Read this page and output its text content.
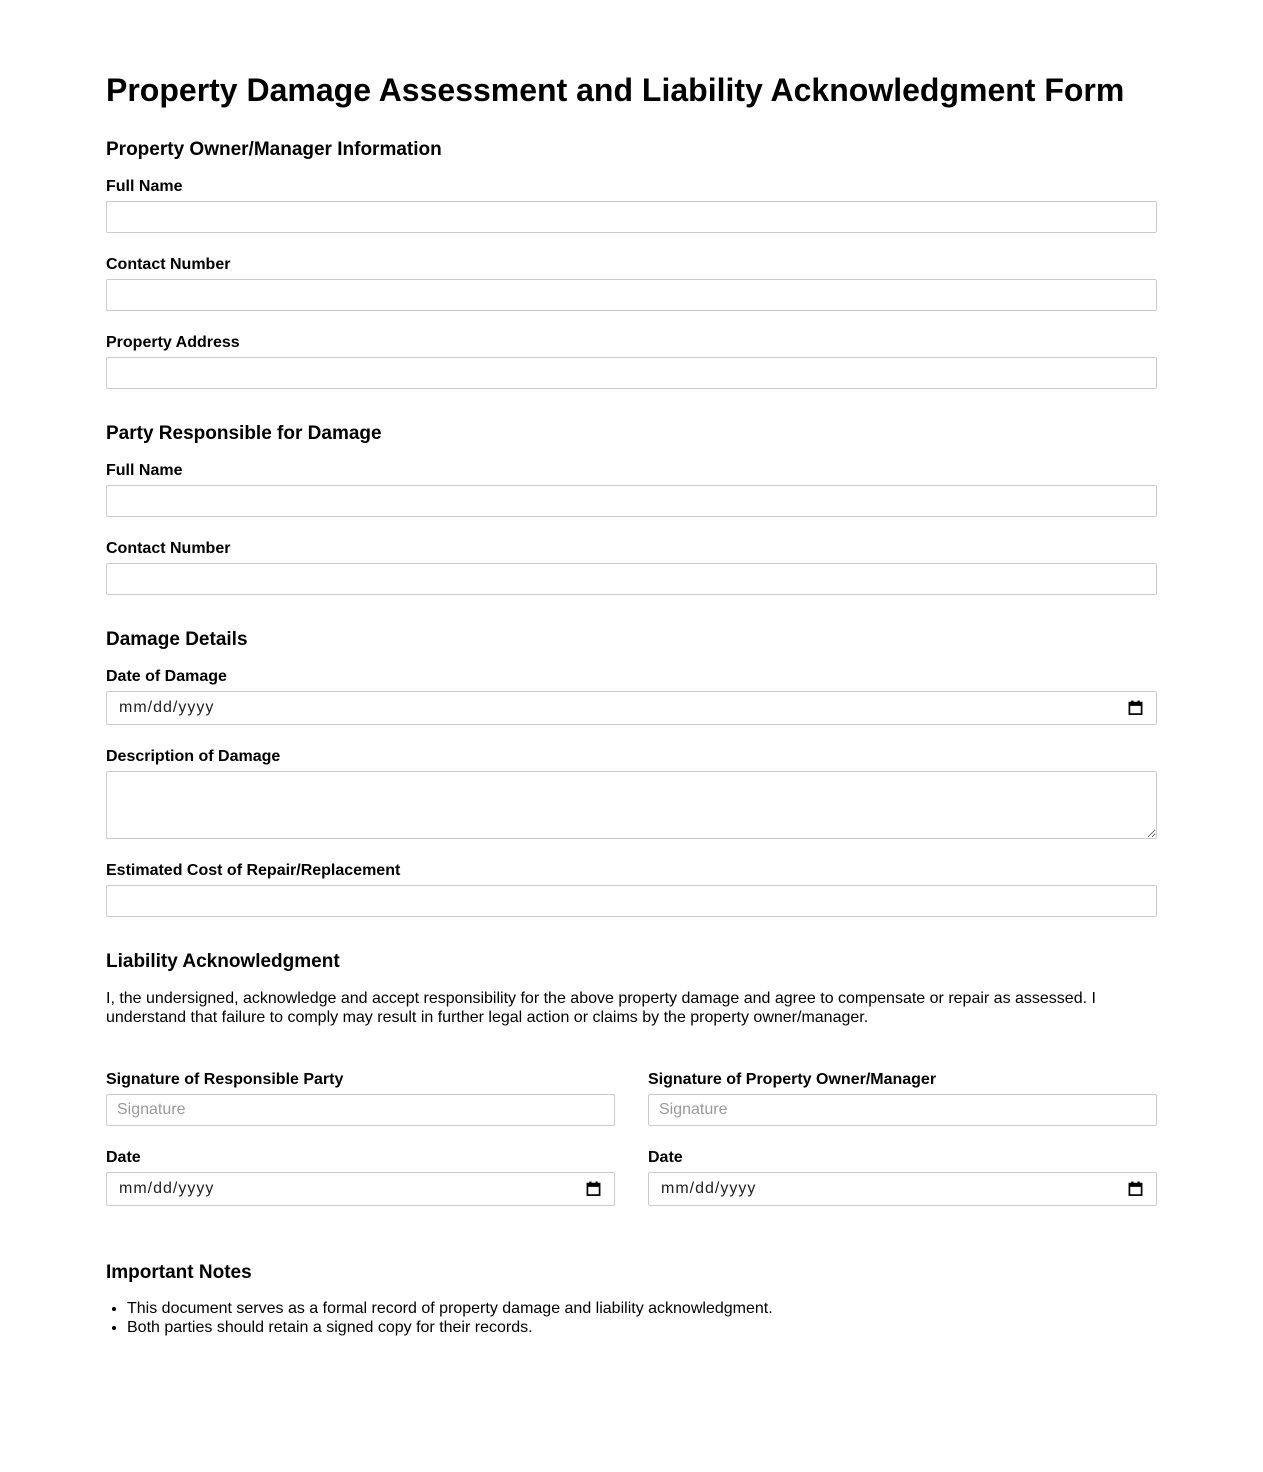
Property Damage Assessment and Liability Acknowledgment Form
Property Owner/Manager Information
Full Name
Contact Number
Property Address
Party Responsible for Damage
Full Name
Contact Number
Damage Details
Date of Damage
mm/dd/yyyy
Description of Damage
Estimated Cost of Repair/Replacement
Liability Acknowledgment

I, the undersigned, acknowledge and accept responsibility for the above property damage and agree to compensate or repair as assessed. I understand that failure to comply may result in further legal action or claims by the property owner/manager.

Signature of Responsible Party
Signature
Date
mm/dd/yyyy
Signature of Property Owner/Manager
Signature
Date
mm/dd/yyyy
Important Notes
• This document serves as a formal record of property damage and liability acknowledgment.
• Both parties should retain a signed copy for their records.
